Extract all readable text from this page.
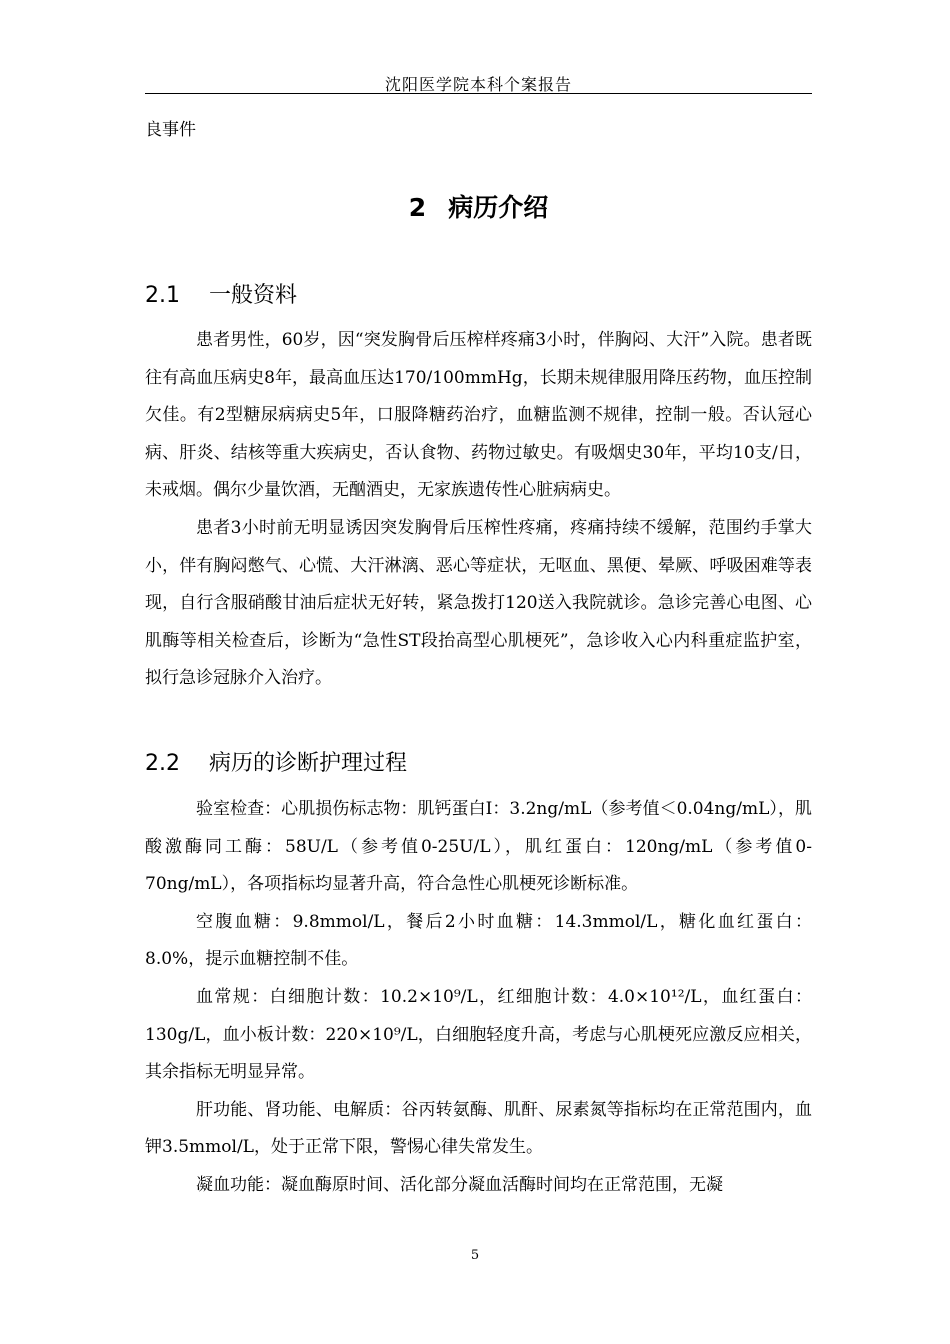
沈阳医学院本科个案报告

良事件

2 病历介绍
2.1 一般资料

患者男性，60岁，因“突发胸骨后压榨样疼痛3小时，伴胸闷、大汗”入院。患者既往有高血压病史8年，最高血压达170/100mmHg，长期未规律服用降压药物，血压控制欠佳。有2型糖尿病病史5年，口服降糖药治疗，血糖监测不规律，控制一般。否认冠心病、肝炎、结核等重大疾病史，否认食物、药物过敏史。有吸烟史30年，平均10支/日，未戒烟。偶尔少量饮酒，无酗酒史，无家族遗传性心脏病病史。

患者3小时前无明显诱因突发胸骨后压榨性疼痛，疼痛持续不缓解，范围约手掌大小，伴有胸闷憋气、心慌、大汗淋漓、恶心等症状，无呕血、黑便、晕厥、呼吸困难等表现，自行含服硝酸甘油后症状无好转，紧急拨打120送入我院就诊。急诊完善心电图、心肌酶等相关检查后，诊断为“急性ST段抬高型心肌梗死”，急诊收入心内科重症监护室，拟行急诊冠脉介入治疗。

2.2 病历的诊断护理过程

验室检查：心肌损伤标志物：肌钙蛋白I：3.2ng/mL（参考值＜0.04ng/mL），肌酸激酶同工酶：58U/L（参考值0-25U/L），肌红蛋白：120ng/mL（参考值0-70ng/mL），各项指标均显著升高，符合急性心肌梗死诊断标准。

空腹血糖：9.8mmol/L，餐后2小时血糖：14.3mmol/L，糖化血红蛋白：8.0%，提示血糖控制不佳。

血常规：白细胞计数：10.2×10⁹/L，红细胞计数：4.0×10¹²/L，血红蛋白：130g/L，血小板计数：220×10⁹/L，白细胞轻度升高，考虑与心肌梗死应激反应相关，其余指标无明显异常。

肝功能、肾功能、电解质：谷丙转氨酶、肌酐、尿素氮等指标均在正常范围内，血钾3.5mmol/L，处于正常下限，警惕心律失常发生。

凝血功能：凝血酶原时间、活化部分凝血活酶时间均在正常范围，无凝

5
